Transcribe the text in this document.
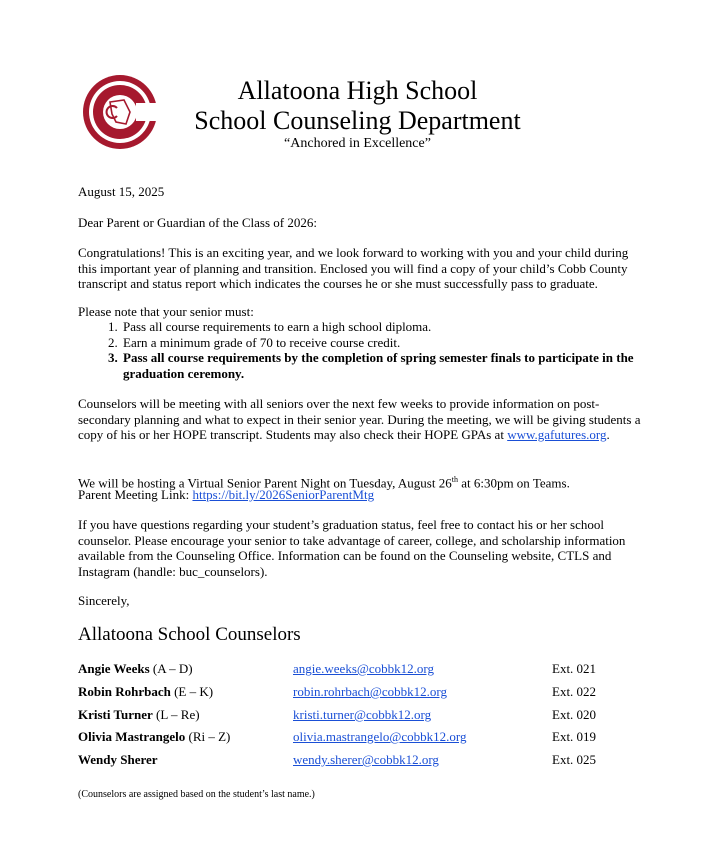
Allatoona High School
School Counseling Department
“Anchored in Excellence”
August 15, 2025
Dear Parent or Guardian of the Class of 2026:
Congratulations! This is an exciting year, and we look forward to working with you and your child during this important year of planning and transition. Enclosed you will find a copy of your child’s Cobb County transcript and status report which indicates the courses he or she must successfully pass to graduate.
Please note that your senior must:
1. Pass all course requirements to earn a high school diploma.
2. Earn a minimum grade of 70 to receive course credit.
3. Pass all course requirements by the completion of spring semester finals to participate in the graduation ceremony.
Counselors will be meeting with all seniors over the next few weeks to provide information on post-secondary planning and what to expect in their senior year. During the meeting, we will be giving students a copy of his or her HOPE transcript. Students may also check their HOPE GPAs at www.gafutures.org.
We will be hosting a Virtual Senior Parent Night on Tuesday, August 26th at 6:30pm on Teams.
Parent Meeting Link: https://bit.ly/2026SeniorParentMtg
If you have questions regarding your student’s graduation status, feel free to contact his or her school counselor. Please encourage your senior to take advantage of career, college, and scholarship information available from the Counseling Office. Information can be found on the Counseling website, CTLS and Instagram (handle: buc_counselors).
Sincerely,
Allatoona School Counselors
Angie Weeks (A – D)	angie.weeks@cobbk12.org	Ext. 021
Robin Rohrbach (E – K)	robin.rohrbach@cobbk12.org	Ext. 022
Kristi Turner (L – Re)	kristi.turner@cobbk12.org	Ext. 020
Olivia Mastrangelo (Ri – Z)	olivia.mastrangelo@cobbk12.org	Ext. 019
Wendy Sherer	wendy.sherer@cobbk12.org	Ext. 025
(Counselors are assigned based on the student’s last name.)
